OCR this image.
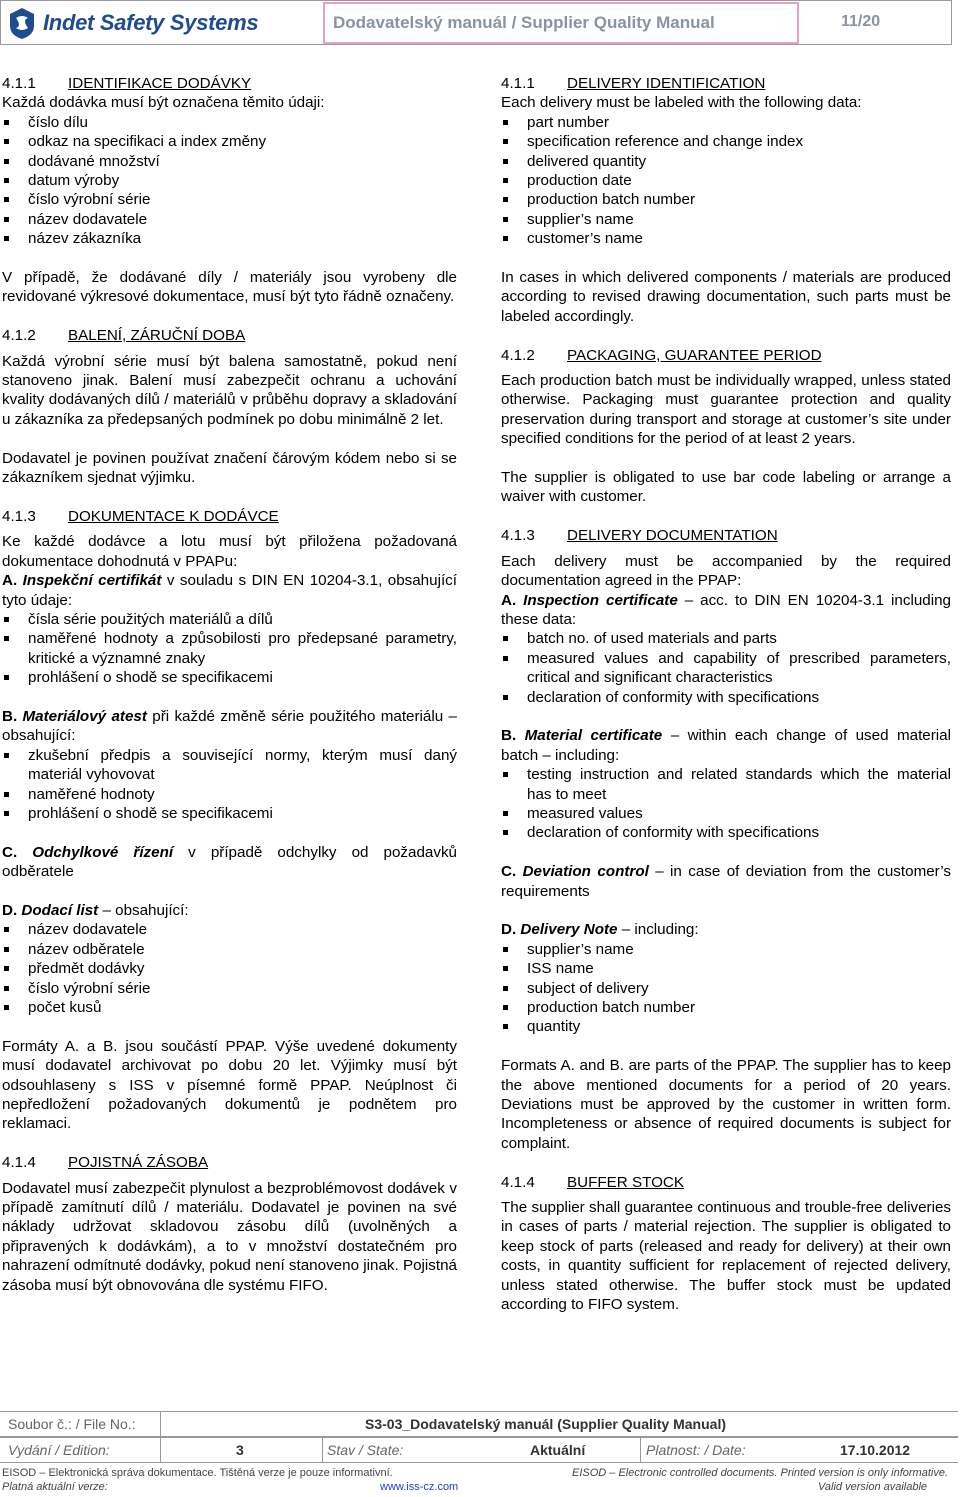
Indet Safety Systems	Dodavatelský manuál / Supplier Quality Manual	11/20

4.1.1 IDENTIFIKACE DODÁVKY

Každá dodávka musí být označena těmito údaji:

číslo dílu
odkaz na specifikaci a index změny
dodávané množství
datum výroby
číslo výrobní série
název dodavatele
název zákazníka

V případě, že dodávané díly / materiály jsou vyrobeny dle revidované výkresové dokumentace, musí být tyto řádně označeny.

4.1.2 BALENÍ, ZÁRUČNÍ DOBA

Každá výrobní série musí být balena samostatně, pokud není stanoveno jinak. Balení musí zabezpečit ochranu a uchování kvality dodávaných dílů / materiálů v průběhu dopravy a skladování u zákazníka za předepsaných podmínek po dobu minimálně 2 let.

Dodavatel je povinen používat značení čárovým kódem nebo si se zákazníkem sjednat výjimku.

4.1.3 DOKUMENTACE K DODÁVCE

Ke každé dodávce a lotu musí být přiložena požadovaná dokumentace dohodnutá v PPAPu:

A. Inspekční certifikát v souladu s DIN EN 10204-3.1, obsahující tyto údaje:

čísla série použitých materiálů a dílů
naměřené hodnoty a způsobilosti pro předepsané parametry, kritické a významné znaky
prohlášení o shodě se specifikacemi

B. Materiálový atest při každé změně série použitého materiálu – obsahující:

zkušební předpis a související normy, kterým musí daný materiál vyhovovat
naměřené hodnoty
prohlášení o shodě se specifikacemi

C. Odchylkové řízení v případě odchylky od požadavků odběratele

D. Dodací list – obsahující:

název dodavatele
název odběratele
předmět dodávky
číslo výrobní série
počet kusů

Formáty A. a B. jsou součástí PPAP. Výše uvedené dokumenty musí dodavatel archivovat po dobu 20 let. Výjimky musí být odsouhlaseny s ISS v písemné formě PPAP. Neúplnost či nepředložení požadovaných dokumentů je podnětem pro reklamaci.

4.1.4 POJISTNÁ ZÁSOBA

Dodavatel musí zabezpečit plynulost a bezproblémovost dodávek v případě zamítnutí dílů / materiálu. Dodavatel je povinen na své náklady udržovat skladovou zásobu dílů (uvolněných a připravených k dodávkám), a to v množství dostatečném pro nahrazení odmítnuté dodávky, pokud není stanoveno jinak. Pojistná zásoba musí být obnovována dle systému FIFO.

4.1.1 DELIVERY IDENTIFICATION

Each delivery must be labeled with the following data:

part number
specification reference and change index
delivered quantity
production date
production batch number
supplier’s name
customer’s name

In cases in which delivered components / materials are produced according to revised drawing documentation, such parts must be labeled accordingly.

4.1.2 PACKAGING, GUARANTEE PERIOD

Each production batch must be individually wrapped, unless stated otherwise. Packaging must guarantee protection and quality preservation during transport and storage at customer’s site under specified conditions for the period of at least 2 years.

The supplier is obligated to use bar code labeling or arrange a waiver with customer.

4.1.3 DELIVERY DOCUMENTATION

Each delivery must be accompanied by the required documentation agreed in the PPAP:

A. Inspection certificate – acc. to DIN EN 10204-3.1 including these data:

batch no. of used materials and parts
measured values and capability of prescribed parameters, critical and significant characteristics
declaration of conformity with specifications

B. Material certificate – within each change of used material batch – including:

testing instruction and related standards which the material has to meet
measured values
declaration of conformity with specifications

C. Deviation control – in case of deviation from the customer’s requirements

D. Delivery Note – including:

supplier’s name
ISS name
subject of delivery
production batch number
quantity

Formats A. and B. are parts of the PPAP. The supplier has to keep the above mentioned documents for a period of 20 years. Deviations must be approved by the customer in written form. Incompleteness or absence of required documents is subject for complaint.

4.1.4 BUFFER STOCK

The supplier shall guarantee continuous and trouble-free deliveries in cases of parts / material rejection. The supplier is obligated to keep stock of parts (released and ready for delivery) at their own costs, in quantity sufficient for replacement of rejected delivery, unless stated otherwise. The buffer stock must be updated according to FIFO system.

Soubor č.: / File No.:	S3-03_Dodavatelský manuál (Supplier Quality Manual)
Vydání / Edition:	3	Stav / State:	Aktuální	Platnost: / Date:	17.10.2012
EISOD – Elektronická správa dokumentace. Tištěná verze je pouze informativní.	EISOD – Electronic controlled documents. Printed version is only informative.
Platná aktuální verze:	www.iss-cz.com	Valid version available
